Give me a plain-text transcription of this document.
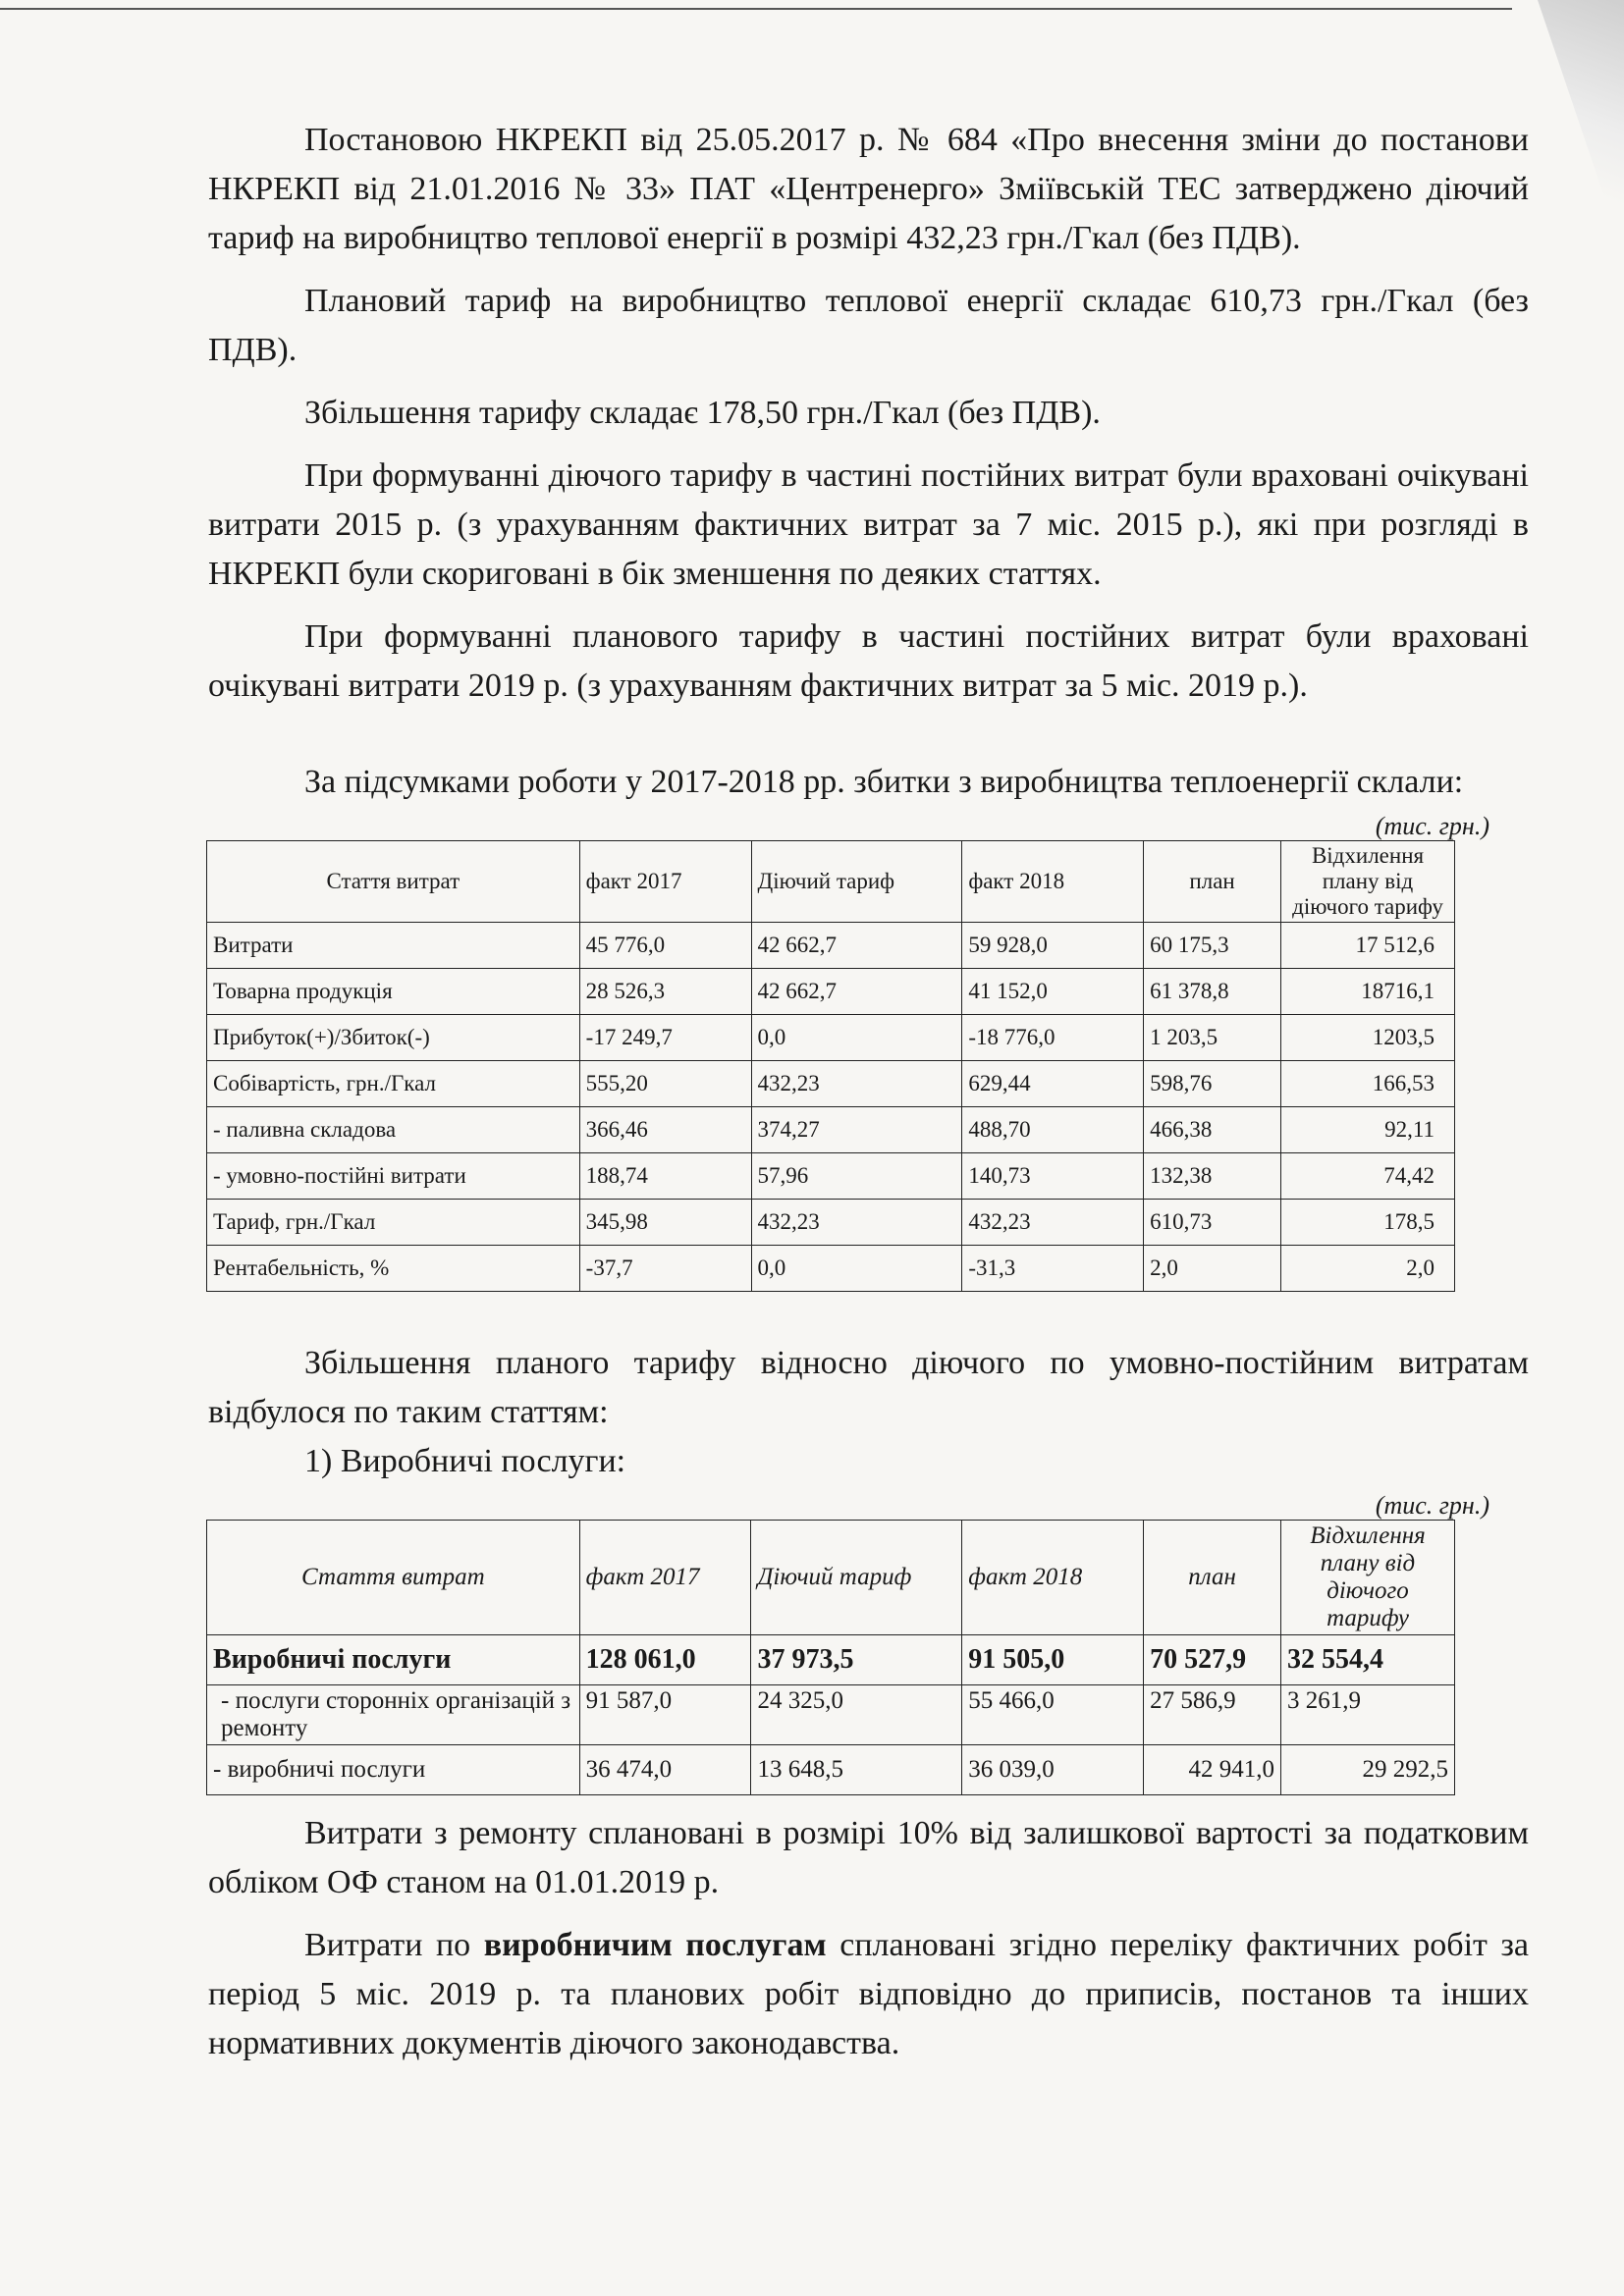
Постановою НКРЕКП від 25.05.2017 р. № 684 «Про внесення зміни до постанови НКРЕКП від 21.01.2016 № 33» ПАТ «Центренерго» Зміївській ТЕС затверджено діючий тариф на виробництво теплової енергії в розмірі 432,23 грн./Гкал (без ПДВ).

Плановий тариф на виробництво теплової енергії складає 610,73 грн./Гкал (без ПДВ).

Збільшення тарифу складає 178,50 грн./Гкал (без ПДВ).

При формуванні діючого тарифу в частині постійних витрат були враховані очікувані витрати 2015 р. (з урахуванням фактичних витрат за 7 міс. 2015 р.), які при розгляді в НКРЕКП були скориговані в бік зменшення по деяких статтях.

При формуванні планового тарифу в частині постійних витрат були враховані очікувані витрати 2019 р. (з урахуванням фактичних витрат за 5 міс. 2019 р.).

За підсумками роботи у 2017-2018 рр. збитки з виробництва теплоенергії склали:

(тис. грн.)
Стаття витрат	факт 2017	Діючий тариф	факт 2018	план	Відхилення плану від діючого тарифу
Витрати	45 776,0	42 662,7	59 928,0	60 175,3	17 512,6
Товарна продукція	28 526,3	42 662,7	41 152,0	61 378,8	18716,1
Прибуток(+)/Збиток(-)	-17 249,7	0,0	-18 776,0	1 203,5	1203,5
Собівартість, грн./Гкал	555,20	432,23	629,44	598,76	166,53
- паливна складова	366,46	374,27	488,70	466,38	92,11
- умовно-постійні витрати	188,74	57,96	140,73	132,38	74,42
Тариф, грн./Гкал	345,98	432,23	432,23	610,73	178,5
Рентабельність, %	-37,7	0,0	-31,3	2,0	2,0

Збільшення планого тарифу відносно діючого по умовно-постійним витратам відбулося по таким статтям:

1) Виробничі послуги:

(тис. грн.)
Стаття витрат	факт 2017	Діючий тариф	факт 2018	план	Відхилення плану від діючого тарифу
Виробничі послуги	128 061,0	37 973,5	91 505,0	70 527,9	32 554,4
- послуги сторонніх організацій з ремонту	91 587,0	24 325,0	55 466,0	27 586,9	3 261,9
- виробничі послуги	36 474,0	13 648,5	36 039,0	42 941,0	29 292,5

Витрати з ремонту сплановані в розмірі 10% від залишкової вартості за податковим обліком ОФ станом на 01.01.2019 р.

Витрати по виробничим послугам сплановані згідно переліку фактичних робіт за період 5 міс. 2019 р. та планових робіт відповідно до приписів, постанов та інших нормативних документів діючого законодавства.
